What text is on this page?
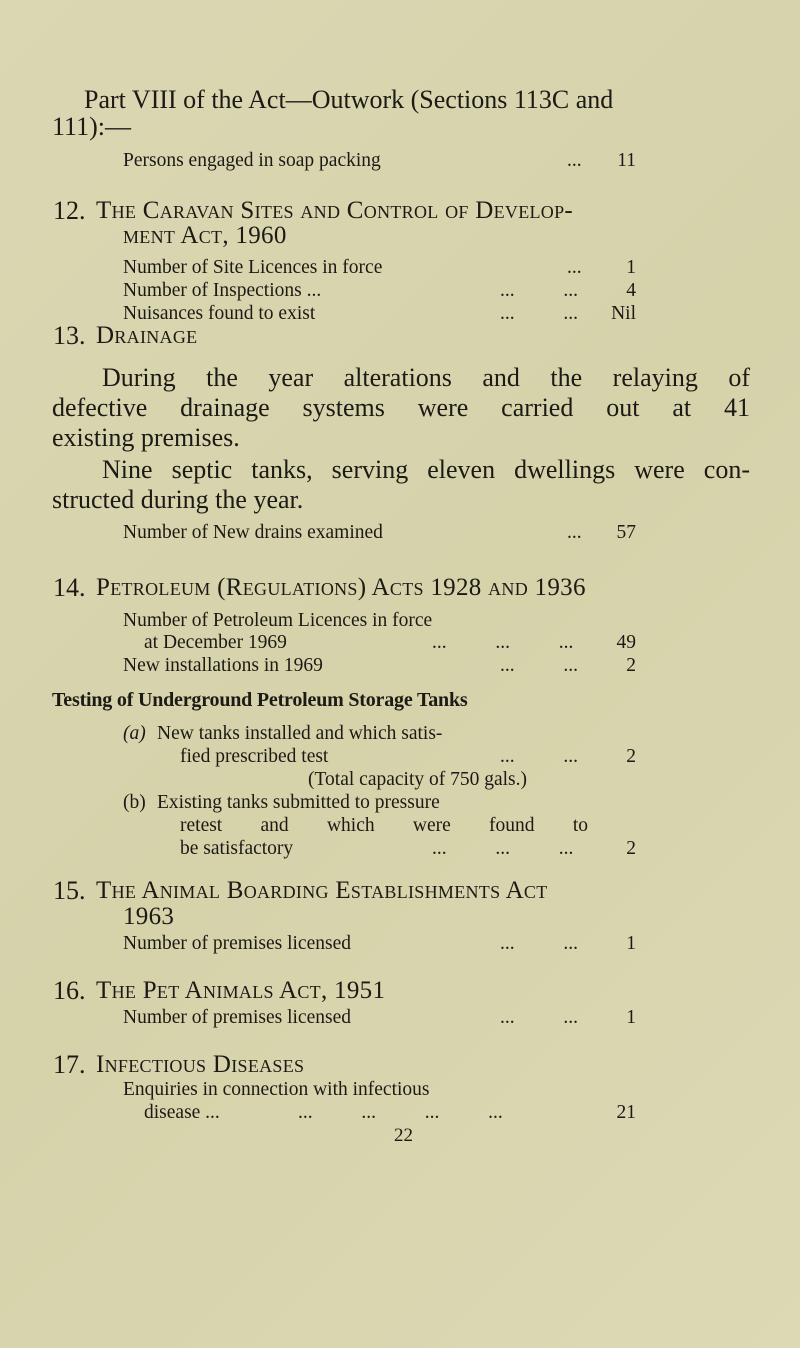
Part VIII of the Act—Outwork (Sections 113C and
111):—
Persons engaged in soap packing	...	11
12. The Caravan Sites and Control of Develop-
ment Act, 1960
Number of Site Licences in force	...	1
Number of Inspections ...	...          ...	4
Nuisances found to exist	...          ...	Nil
13. Drainage
During the year alterations and the relaying of
defective drainage systems were carried out at 41
existing premises.
Nine septic tanks, serving eleven dwellings were con-
structed during the year.
Number of New drains examined	...	57
14. Petroleum (Regulations) Acts 1928 and 1936
Number of Petroleum Licences in force
at December 1969	...          ...          ...	49
New installations in 1969	...          ...	2
Testing of Underground Petroleum Storage Tanks
(a) New tanks installed and which satis-
fied prescribed test	...          ...	2
(Total capacity of 750 gals.)
(b) Existing tanks submitted to pressure
retest and which were found to
be satisfactory	...          ...          ...	2
15. The Animal Boarding Establishments Act
1963
Number of premises licensed	...          ...	1
16. The Pet Animals Act, 1951
Number of premises licensed	...          ...	1
17. Infectious Diseases
Enquiries in connection with infectious
disease ...	...          ...          ...          ...	21
22
